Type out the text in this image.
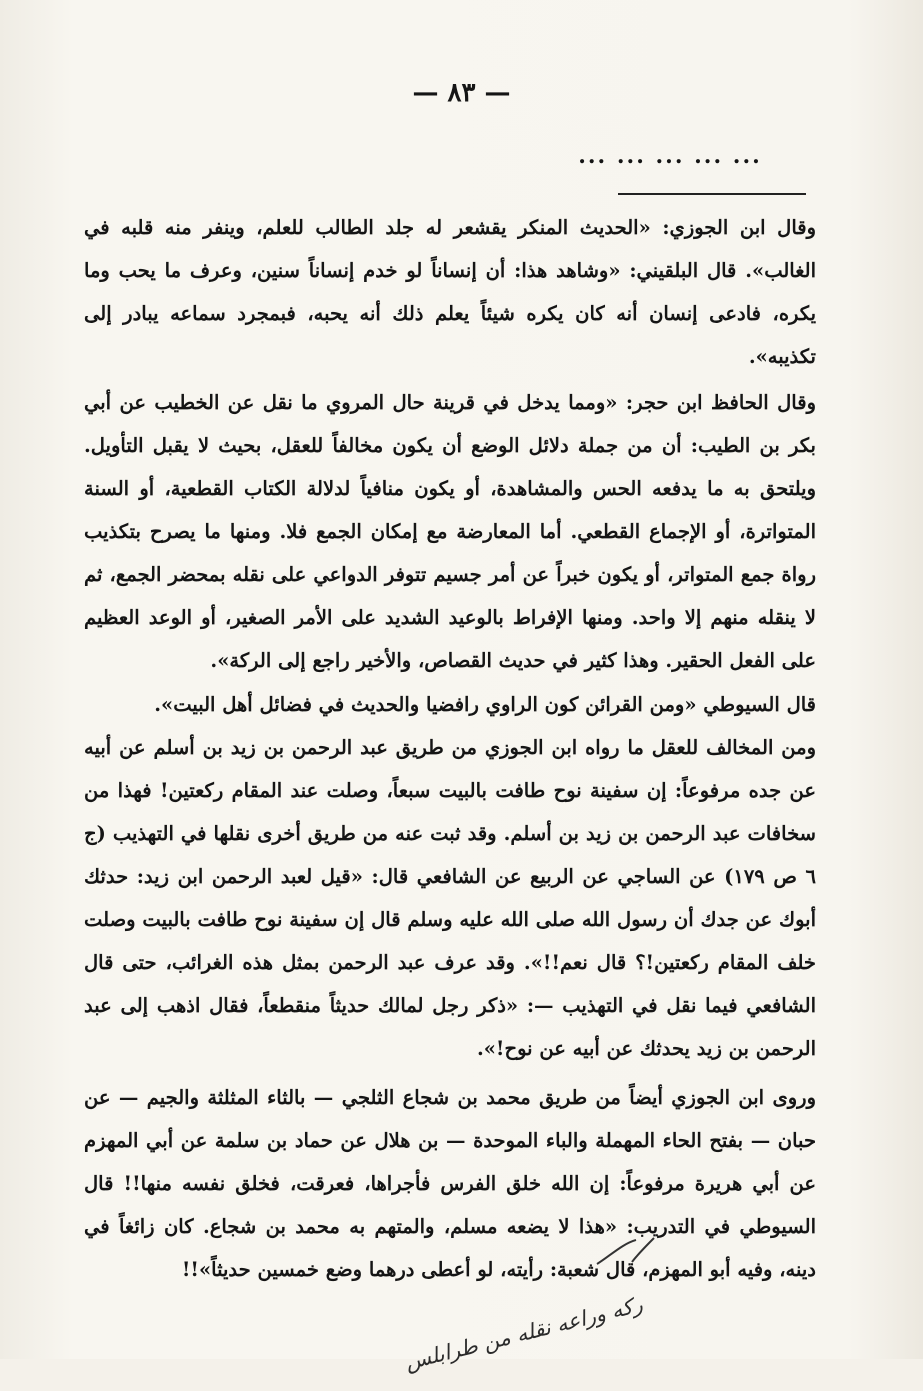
— ٨٣ —
... ... ... ... ...
وقال ابن الجوزي: «الحديث المنكر يقشعر له جلد الطالب للعلم، وينفر منه قلبه في الغالب». قال البلقيني: «وشاهد هذا: أن إنساناً لو خدم إنساناً سنين، وعرف ما يحب وما يكره، فادعى إنسان أنه كان يكره شيئاً يعلم ذلك أنه يحبه، فبمجرد سماعه يبادر إلى تكذيبه».
وقال الحافظ ابن حجر: «ومما يدخل في قرينة حال المروي ما نقل عن الخطيب عن أبي بكر بن الطيب: أن من جملة دلائل الوضع أن يكون مخالفاً للعقل، بحيث لا يقبل التأويل. ويلتحق به ما يدفعه الحس والمشاهدة، أو يكون منافياً لدلالة الكتاب القطعية، أو السنة المتواترة، أو الإجماع القطعي. أما المعارضة مع إمكان الجمع فلا. ومنها ما يصرح بتكذيب رواة جمع المتواتر، أو يكون خبراً عن أمر جسيم تتوفر الدواعي على نقله بمحضر الجمع، ثم لا ينقله منهم إلا واحد. ومنها الإفراط بالوعيد الشديد على الأمر الصغير، أو الوعد العظيم على الفعل الحقير. وهذا كثير في حديث القصاص، والأخير راجع إلى الركة».
قال السيوطي «ومن القرائن كون الراوي رافضيا والحديث في فضائل أهل البيت».
ومن المخالف للعقل ما رواه ابن الجوزي من طريق عبد الرحمن بن زيد بن أسلم عن أبيه عن جده مرفوعاً: إن سفينة نوح طافت بالبيت سبعاً، وصلت عند المقام ركعتين! فهذا من سخافات عبد الرحمن بن زيد بن أسلم. وقد ثبت عنه من طريق أخرى نقلها في التهذيب (ج ٦ ص ١٧٩) عن الساجي عن الربيع عن الشافعي قال: «قيل لعبد الرحمن ابن زيد: حدثك أبوك عن جدك أن رسول الله صلى الله عليه وسلم قال إن سفينة نوح طافت بالبيت وصلت خلف المقام ركعتين!؟ قال نعم!!». وقد عرف عبد الرحمن بمثل هذه الغرائب، حتى قال الشافعي فيما نقل في التهذيب —: «ذكر رجل لمالك حديثاً منقطعاً، فقال اذهب إلى عبد الرحمن بن زيد يحدثك عن أبيه عن نوح!».
وروى ابن الجوزي أيضاً من طريق محمد بن شجاع الثلجي — بالثاء المثلثة والجيم — عن حبان — بفتح الحاء المهملة والباء الموحدة — بن هلال عن حماد بن سلمة عن أبي المهزم عن أبي هريرة مرفوعاً: إن الله خلق الفرس فأجراها، فعرقت، فخلق نفسه منها!! قال السيوطي في التدريب: «هذا لا يضعه مسلم، والمتهم به محمد بن شجاع. كان زائغاً في دينه، وفيه أبو المهزم، قال شعبة: رأيته، لو أعطى درهما وضع خمسين حديثاً»!!
رکه وراعه نقله من طرابلس
